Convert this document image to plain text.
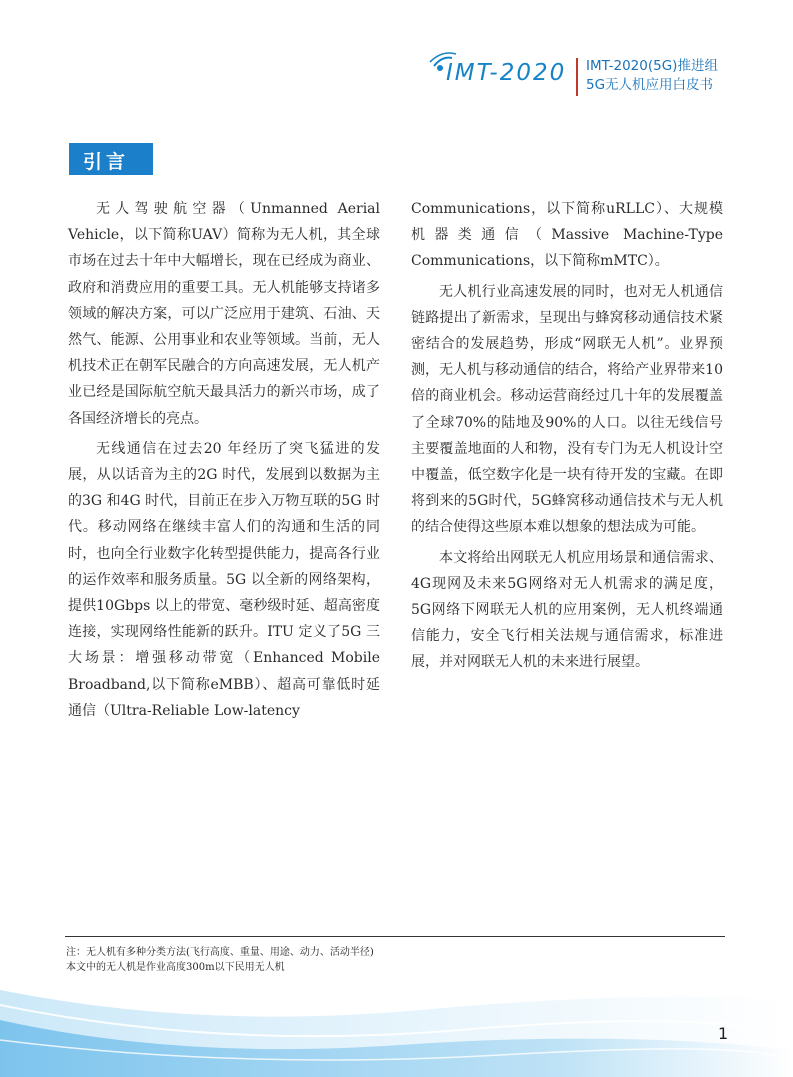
IMT-2020 IMT-2020(5G)推进组
5G无人机应用白皮书
引言

无人驾驶航空器（Unmanned Aerial Vehicle，以下简称UAV）简称为无人机，其全球市场在过去十年中大幅增长，现在已经成为商业、政府和消费应用的重要工具。无人机能够支持诸多领域的解决方案，可以广泛应用于建筑、石油、天然气、能源、公用事业和农业等领域。当前，无人机技术正在朝军民融合的方向高速发展，无人机产业已经是国际航空航天最具活力的新兴市场，成了各国经济增长的亮点。

无线通信在过去20 年经历了突飞猛进的发展，从以话音为主的2G 时代，发展到以数据为主的3G 和4G 时代，目前正在步入万物互联的5G 时代。移动网络在继续丰富人们的沟通和生活的同时，也向全行业数字化转型提供能力，提高各行业的运作效率和服务质量。5G 以全新的网络架构，提供10Gbps 以上的带宽、毫秒级时延、超高密度连接，实现网络性能新的跃升。ITU 定义了5G 三大场景：增强移动带宽（Enhanced Mobile Broadband,以下简称eMBB）、超高可靠低时延通信（Ultra-Reliable Low-latency

Communications，以下简称uRLLC）、大规模机器类通信（Massive Machine-Type Communications，以下简称mMTC）。

无人机行业高速发展的同时，也对无人机通信链路提出了新需求，呈现出与蜂窝移动通信技术紧密结合的发展趋势，形成“网联无人机”。业界预测，无人机与移动通信的结合，将给产业界带来10倍的商业机会。移动运营商经过几十年的发展覆盖了全球70%的陆地及90%的人口。以往无线信号主要覆盖地面的人和物，没有专门为无人机设计空中覆盖，低空数字化是一块有待开发的宝藏。在即将到来的5G时代，5G蜂窝移动通信技术与无人机的结合使得这些原本难以想象的想法成为可能。

本文将给出网联无人机应用场景和通信需求、4G现网及未来5G网络对无人机需求的满足度，5G网络下网联无人机的应用案例，无人机终端通信能力，安全飞行相关法规与通信需求，标准进展，并对网联无人机的未来进行展望。

注：无人机有多种分类方法(飞行高度、重量、用途、动力、活动半径)
本文中的无人机是作业高度300m以下民用无人机
1
